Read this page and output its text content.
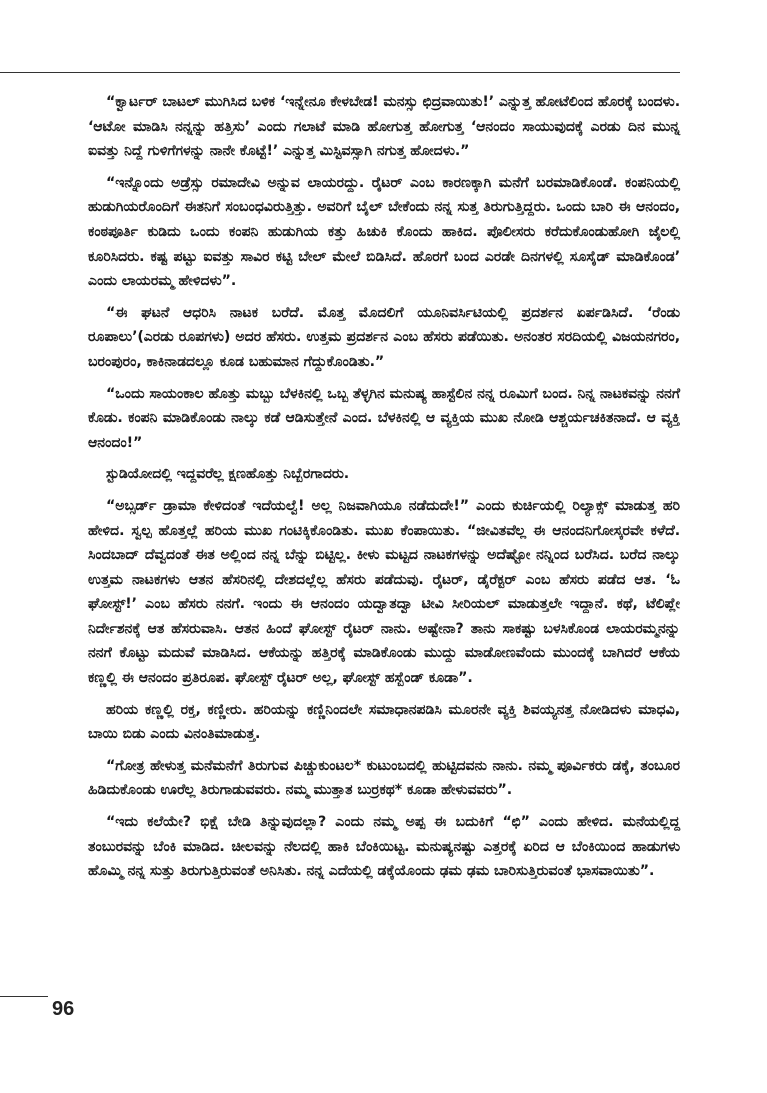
“ಕ್ವಾರ್ಟರ್ ಬಾಟಲ್ ಮುಗಿಸಿದ ಬಳಿಕ ‘ಇನ್ನೇನೂ ಕೇಳಬೇಡ! ಮನಸ್ಸು ಛಿದ್ರವಾಯಿತು!’ ಎನ್ನುತ್ತ ಹೋಟೆಲಿಂದ ಹೊರಕ್ಕೆ ಬಂದಳು. ‘ಆಟೋ ಮಾಡಿಸಿ ನನ್ನನ್ನು ಹತ್ತಿಸು’ ಎಂದು ಗಲಾಟೆ ಮಾಡಿ ಹೋಗುತ್ತ ಹೋಗುತ್ತ ‘ಆನಂದಂ ಸಾಯುವುದಕ್ಕೆ ಎರಡು ದಿನ ಮುನ್ನ ಐವತ್ತು ನಿದ್ದೆ ಗುಳಿಗೆಗಳನ್ನು ನಾನೇ ಕೊಟ್ಟೆ!’ ಎನ್ನುತ್ತ ಮಿಸ್ಟಿವಸ್ಸಾಗಿ ನಗುತ್ತ ಹೋದಳು.”

“ಇನ್ನೊಂದು ಅಡ್ರೆಸ್ಸು ರಮಾದೇವಿ ಅನ್ನುವ ಲಾಯರದ್ದು. ರೈಟರ್ ಎಂಬ ಕಾರಣಕ್ಕಾಗಿ ಮನೆಗೆ ಬರಮಾಡಿಕೊಂಡೆ. ಕಂಪನಿಯಲ್ಲಿ ಹುಡುಗಿಯರೊಂದಿಗೆ ಈತನಿಗೆ ಸಂಬಂಧವಿರುತ್ತಿತ್ತು. ಅವರಿಗೆ ಬೈಲ್ ಬೇಕೆಂದು ನನ್ನ ಸುತ್ತ ತಿರುಗುತ್ತಿದ್ದರು. ಒಂದು ಬಾರಿ ಈ ಆನಂದಂ, ಕಂಠಪೂರ್ತಿ ಕುಡಿದು ಒಂದು ಕಂಪನಿ ಹುಡುಗಿಯ ಕತ್ತು ಹಿಚುಕಿ ಕೊಂದು ಹಾಕಿದ. ಪೊಲೀಸರು ಕರೆದುಕೊಂಡುಹೋಗಿ ಜೈಲಲ್ಲಿ ಕೂರಿಸಿದರು. ಕಷ್ಟ ಪಟ್ಟು ಐವತ್ತು ಸಾವಿರ ಕಟ್ಟಿ ಬೇಲ್ ಮೇಲೆ ಬಿಡಿಸಿದೆ. ಹೊರಗೆ ಬಂದ ಎರಡೇ ದಿನಗಳಲ್ಲಿ ಸೂಸೈಡ್ ಮಾಡಿಕೊಂಡ’ ಎಂದು ಲಾಯರಮ್ಮ ಹೇಳಿದಳು”.

“ಈ ಘಟನೆ ಆಧರಿಸಿ ನಾಟಕ ಬರೆದೆ. ಮೊತ್ತ ಮೊದಲಿಗೆ ಯೂನಿವರ್ಸಿಟಿಯಲ್ಲಿ ಪ್ರದರ್ಶನ ಏರ್ಪಡಿಸಿದೆ. ‘ರೆಂಡು ರೂಪಾಲು’(ಎರಡು ರೂಪಗಳು) ಅದರ ಹೆಸರು. ಉತ್ತಮ ಪ್ರದರ್ಶನ ಎಂಬ ಹೆಸರು ಪಡೆಯಿತು. ಅನಂತರ ಸರದಿಯಲ್ಲಿ ವಿಜಯನಗರಂ, ಬರಂಪುರಂ, ಕಾಕಿನಾಡದಲ್ಲೂ ಕೂಡ ಬಹುಮಾನ ಗೆದ್ದುಕೊಂಡಿತು.”

“ಒಂದು ಸಾಯಂಕಾಲ ಹೊತ್ತು ಮಬ್ಬು ಬೆಳಕಿನಲ್ಲಿ ಒಬ್ಬ ತೆಳ್ಳಗಿನ ಮನುಷ್ಯ ಹಾಸ್ಟೆಲಿನ ನನ್ನ ರೂಮಿಗೆ ಬಂದ. ನಿನ್ನ ನಾಟಕವನ್ನು ನನಗೆ ಕೊಡು. ಕಂಪನಿ ಮಾಡಿಕೊಂಡು ನಾಲ್ಕು ಕಡೆ ಆಡಿಸುತ್ತೇನೆ ಎಂದ. ಬೆಳಕಿನಲ್ಲಿ ಆ ವ್ಯಕ್ತಿಯ ಮುಖ ನೋಡಿ ಆಶ್ಚರ್ಯಚಕಿತನಾದೆ. ಆ ವ್ಯಕ್ತಿ ಆನಂದಂ!”

ಸ್ಟುಡಿಯೋದಲ್ಲಿ ಇದ್ದವರೆಲ್ಲ ಕ್ಷಣಹೊತ್ತು ನಿಬ್ಬೆರಗಾದರು.

“ಅಬ್ಸರ್ಡ್ ಡ್ರಾಮಾ ಕೇಳಿದಂತೆ ಇದೆಯಲ್ವೆ! ಅಲ್ಲ ನಿಜವಾಗಿಯೂ ನಡೆದುದೇ!” ಎಂದು ಕುರ್ಚಿಯಲ್ಲಿ ರಿಲ್ಯಾಕ್ಸ್ ಮಾಡುತ್ತ ಹರಿ ಹೇಳಿದ. ಸ್ವಲ್ಪ ಹೊತ್ತಲ್ಲೆ ಹರಿಯ ಮುಖ ಗಂಟಿಕ್ಕಿಕೊಂಡಿತು. ಮುಖ ಕೆಂಪಾಯಿತು. “ಜೀವಿತವೆಲ್ಲ ಈ ಆನಂದನಿಗೋಸ್ಕರವೇ ಕಳೆದೆ. ಸಿಂದಬಾದ್ ದೆವ್ವದಂತೆ ಈತ ಅಲ್ಲಿಂದ ನನ್ನ ಬೆನ್ನು ಬಿಟ್ಟಿಲ್ಲ. ಕೀಳು ಮಟ್ಟದ ನಾಟಕಗಳನ್ನು ಅದೆಷ್ಟೋ ನನ್ನಿಂದ ಬರೆಸಿದ. ಬರೆದ ನಾಲ್ಕು ಉತ್ತಮ ನಾಟಕಗಳು ಆತನ ಹೆಸರಿನಲ್ಲಿ ದೇಶದಲ್ಲೆಲ್ಲ ಹೆಸರು ಪಡೆದುವು. ರೈಟರ್, ಡೈರೆಕ್ಟರ್ ಎಂಬ ಹೆಸರು ಪಡೆದ ಆತ. ‘ಓ ಘೋಸ್ಟ್!’ ಎಂಬ ಹೆಸರು ನನಗೆ. ಇಂದು ಈ ಆನಂದಂ ಯದ್ವಾತದ್ವಾ ಟೀವಿ ಸೀರಿಯಲ್ ಮಾಡುತ್ತಲೇ ಇದ್ದಾನೆ. ಕಥೆ, ಟೆಲಿಪ್ಲೇ ನಿರ್ದೇಶನಕ್ಕೆ ಆತ ಹೆಸರುವಾಸಿ. ಆತನ ಹಿಂದೆ ಘೋಸ್ಟ್ ರೈಟರ್ ನಾನು. ಅಷ್ಟೇನಾ? ತಾನು ಸಾಕಷ್ಟು ಬಳಸಿಕೊಂಡ ಲಾಯರಮ್ಮನನ್ನು ನನಗೆ ಕೊಟ್ಟು ಮದುವೆ ಮಾಡಿಸಿದ. ಆಕೆಯನ್ನು ಹತ್ತಿರಕ್ಕೆ ಮಾಡಿಕೊಂಡು ಮುದ್ದು ಮಾಡೋಣವೆಂದು ಮುಂದಕ್ಕೆ ಬಾಗಿದರೆ ಆಕೆಯ ಕಣ್ಣಲ್ಲಿ ಈ ಆನಂದಂ ಪ್ರತಿರೂಪ. ಘೋಸ್ಟ್ ರೈಟರ್ ಅಲ್ಲ, ಘೋಸ್ಟ್ ಹಸ್ಬೆಂಡ್ ಕೂಡಾ”.

ಹರಿಯ ಕಣ್ಣಲ್ಲಿ ರಕ್ತ, ಕಣ್ಣೀರು. ಹರಿಯನ್ನು ಕಣ್ಣಿನಿಂದಲೇ ಸಮಾಧಾನಪಡಿಸಿ ಮೂರನೇ ವ್ಯಕ್ತಿ ಶಿವಯ್ಯನತ್ತ ನೋಡಿದಳು ಮಾಧವಿ, ಬಾಯಿ ಬಿಡು ಎಂದು ವಿನಂತಿಮಾಡುತ್ತ.

“ಗೋತ್ರ ಹೇಳುತ್ತ ಮನೆಮನೆಗೆ ತಿರುಗುವ ಪಿಚ್ಚುಕುಂಟಲ* ಕುಟುಂಬದಲ್ಲಿ ಹುಟ್ಟಿದವನು ನಾನು. ನಮ್ಮ ಪೂರ್ವಿಕರು ಡಕ್ಕೆ, ತಂಬೂರ ಹಿಡಿದುಕೊಂಡು ಊರೆಲ್ಲ ತಿರುಗಾಡುವವರು. ನಮ್ಮ ಮುತ್ತಾತ ಬುರ್‍ರಕಥ* ಕೂಡಾ ಹೇಳುವವರು”.

“ಇದು ಕಲೆಯೇ? ಭಿಕ್ಷೆ ಬೇಡಿ ತಿನ್ನುವುದಲ್ಲಾ? ಎಂದು ನಮ್ಮ ಅಪ್ಪ ಈ ಬದುಕಿಗೆ “ಛಿ” ಎಂದು ಹೇಳಿದ. ಮನೆಯಲ್ಲಿದ್ದ ತಂಬುರವನ್ನು ಬೆಂಕಿ ಮಾಡಿದ. ಚೀಲವನ್ನು ನೆಲದಲ್ಲಿ ಹಾಕಿ ಬೆಂಕಿಯಿಟ್ಟ. ಮನುಷ್ಯನಷ್ಟು ಎತ್ತರಕ್ಕೆ ಏರಿದ ಆ ಬೆಂಕಿಯಿಂದ ಹಾಡುಗಳು ಹೊಮ್ಮಿ ನನ್ನ ಸುತ್ತು ತಿರುಗುತ್ತಿರುವಂತೆ ಅನಿಸಿತು. ನನ್ನ ಎದೆಯಲ್ಲಿ ಡಕ್ಕೆಯೊಂದು ಢಮ ಢಮ ಬಾರಿಸುತ್ತಿರುವಂತೆ ಭಾಸವಾಯಿತು”.

96
